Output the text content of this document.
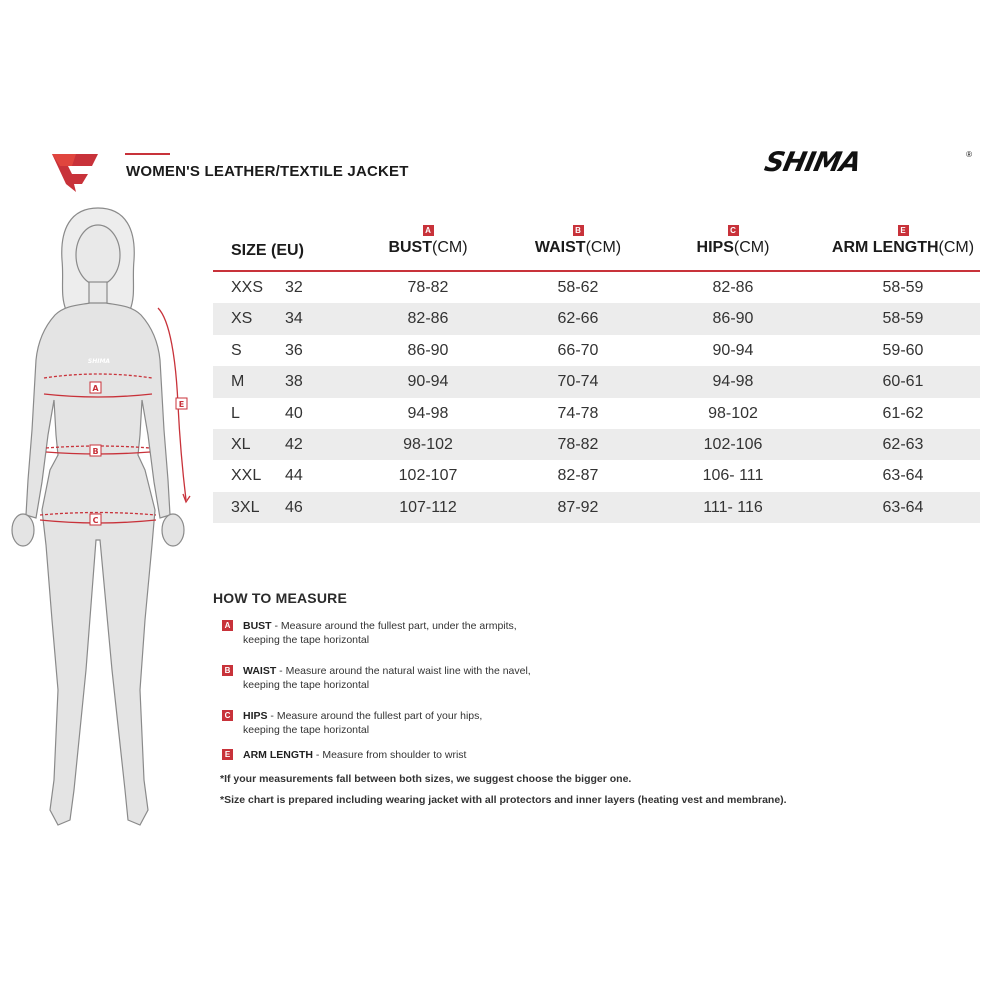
WOMEN'S LEATHER/TEXTILE JACKET	SHIMA	®
SHIMA
A
B
C
E
SIZE (EU)
A
BUST(CM)
B
WAIST(CM)
C
HIPS(CM)
E
ARM LENGTH(CM)
XXS	32	78-82	58-62	82-86	58-59
XS	34	82-86	62-66	86-90	58-59
S	36	86-90	66-70	90-94	59-60
M	38	90-94	70-74	94-98	60-61
L	40	94-98	74-78	98-102	61-62
XL	42	98-102	78-82	102-106	62-63
XXL	44	102-107	82-87	106- 111	63-64
3XL	46	107-112	87-92	111- 116	63-64
HOW TO MEASURE
A BUST - Measure around the fullest part, under the armpits,
keeping the tape horizontal
B WAIST - Measure around the natural waist line with the navel,
keeping the tape horizontal
C HIPS - Measure around the fullest part of your hips,
keeping the tape horizontal
E ARM LENGTH - Measure from shoulder to wrist
*If your measurements fall between both sizes, we suggest choose the bigger one.
*Size chart is prepared including wearing jacket with all protectors and inner layers (heating vest and membrane).
